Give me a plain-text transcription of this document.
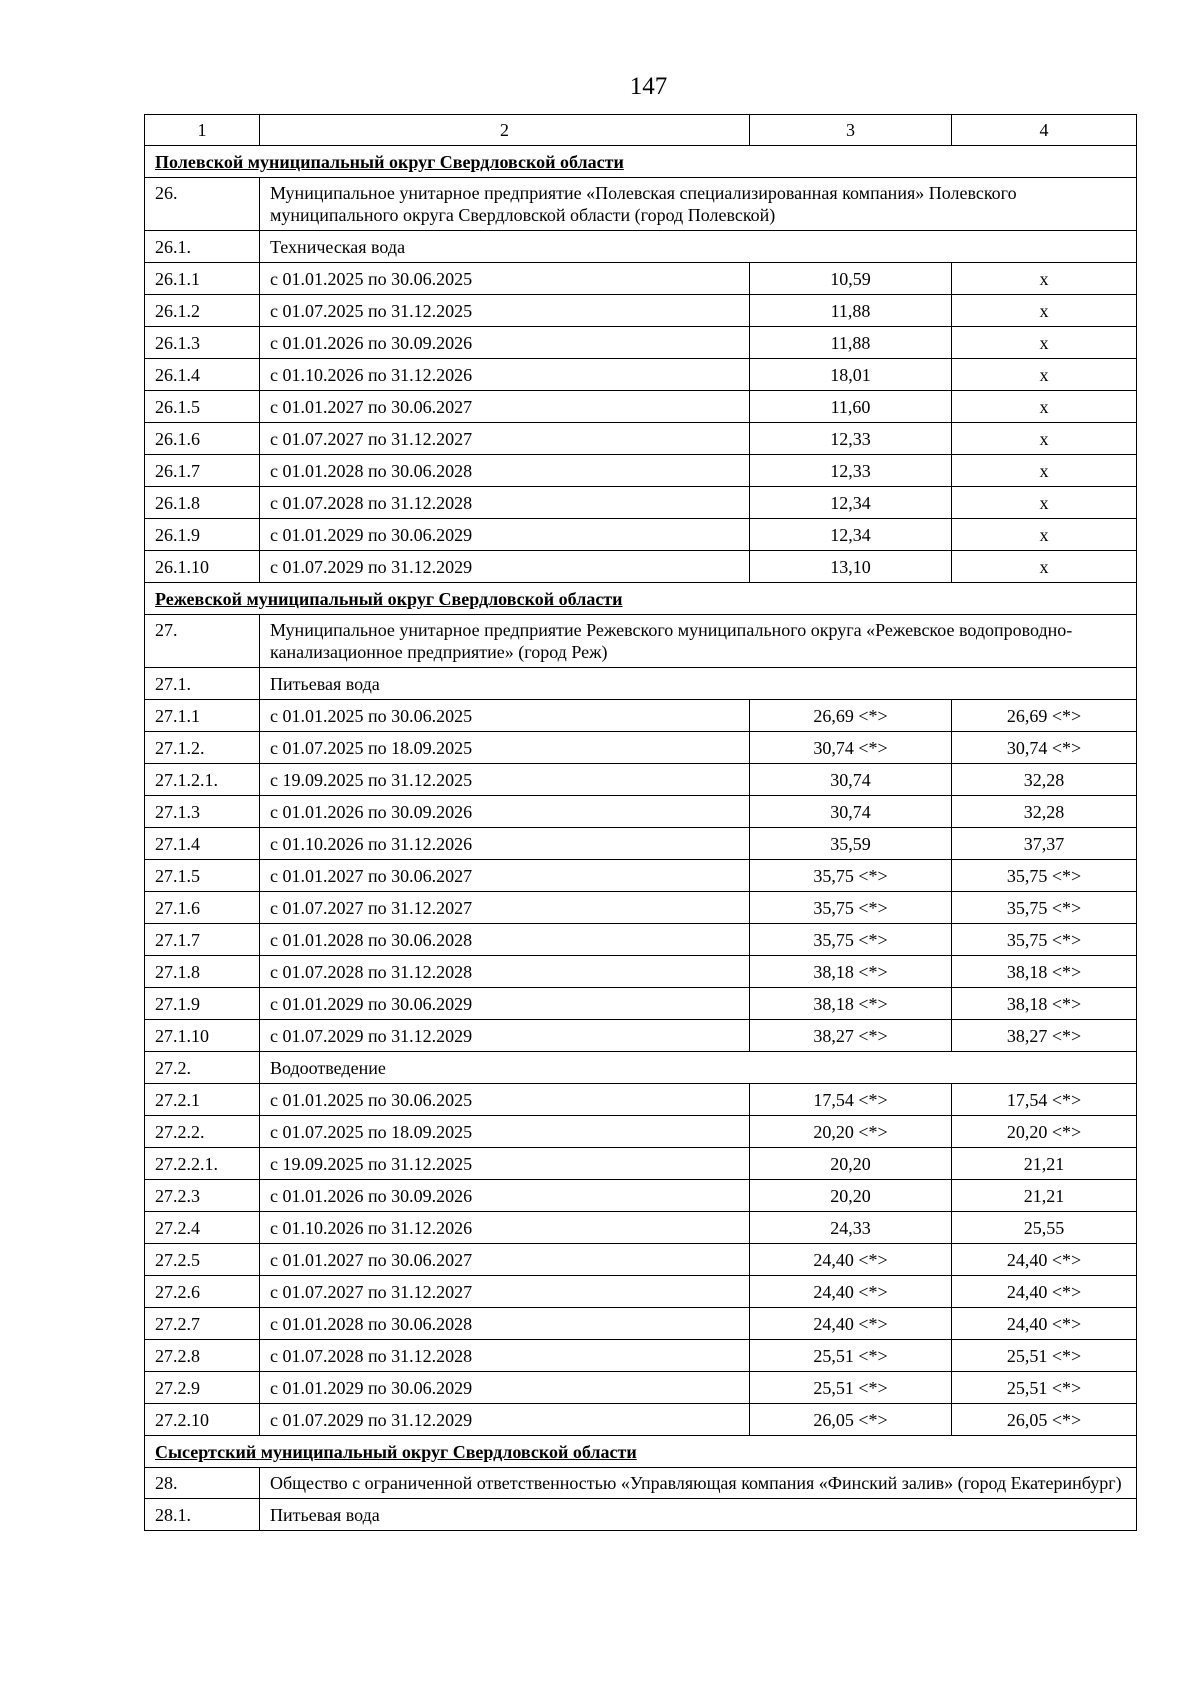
147
1	2	3	4
Полевской муниципальный округ Свердловской области			
26.	Муниципальное унитарное предприятие «Полевская специализированная компания» Полевского муниципального округа Свердловской области (город Полевской)		
26.1.	Техническая вода		
26.1.1	с 01.01.2025 по 30.06.2025	10,59	х
26.1.2	с 01.07.2025 по 31.12.2025	11,88	х
26.1.3	с 01.01.2026 по 30.09.2026	11,88	х
26.1.4	с 01.10.2026 по 31.12.2026	18,01	х
26.1.5	с 01.01.2027 по 30.06.2027	11,60	х
26.1.6	с 01.07.2027 по 31.12.2027	12,33	х
26.1.7	с 01.01.2028 по 30.06.2028	12,33	х
26.1.8	с 01.07.2028 по 31.12.2028	12,34	х
26.1.9	с 01.01.2029 по 30.06.2029	12,34	х
26.1.10	с 01.07.2029 по 31.12.2029	13,10	х
Режевской муниципальный округ Свердловской области			
27.	Муниципальное унитарное предприятие Режевского муниципального округа «Режевское водопроводно-канализационное предприятие» (город Реж)		
27.1.	Питьевая вода		
27.1.1	с 01.01.2025 по 30.06.2025	26,69 <*>	26,69 <*>
27.1.2.	с 01.07.2025 по 18.09.2025	30,74 <*>	30,74 <*>
27.1.2.1.	с 19.09.2025 по 31.12.2025	30,74	32,28
27.1.3	с 01.01.2026 по 30.09.2026	30,74	32,28
27.1.4	с 01.10.2026 по 31.12.2026	35,59	37,37
27.1.5	с 01.01.2027 по 30.06.2027	35,75 <*>	35,75 <*>
27.1.6	с 01.07.2027 по 31.12.2027	35,75 <*>	35,75 <*>
27.1.7	с 01.01.2028 по 30.06.2028	35,75 <*>	35,75 <*>
27.1.8	с 01.07.2028 по 31.12.2028	38,18 <*>	38,18 <*>
27.1.9	с 01.01.2029 по 30.06.2029	38,18 <*>	38,18 <*>
27.1.10	с 01.07.2029 по 31.12.2029	38,27 <*>	38,27 <*>
27.2.	Водоотведение		
27.2.1	с 01.01.2025 по 30.06.2025	17,54 <*>	17,54 <*>
27.2.2.	с 01.07.2025 по 18.09.2025	20,20 <*>	20,20 <*>
27.2.2.1.	с 19.09.2025 по 31.12.2025	20,20	21,21
27.2.3	с 01.01.2026 по 30.09.2026	20,20	21,21
27.2.4	с 01.10.2026 по 31.12.2026	24,33	25,55
27.2.5	с 01.01.2027 по 30.06.2027	24,40 <*>	24,40 <*>
27.2.6	с 01.07.2027 по 31.12.2027	24,40 <*>	24,40 <*>
27.2.7	с 01.01.2028 по 30.06.2028	24,40 <*>	24,40 <*>
27.2.8	с 01.07.2028 по 31.12.2028	25,51 <*>	25,51 <*>
27.2.9	с 01.01.2029 по 30.06.2029	25,51 <*>	25,51 <*>
27.2.10	с 01.07.2029 по 31.12.2029	26,05 <*>	26,05 <*>
Сысертский муниципальный округ Свердловской области			
28.	Общество с ограниченной ответственностью «Управляющая компания «Финский залив» (город Екатеринбург)		
28.1.	Питьевая вода		
